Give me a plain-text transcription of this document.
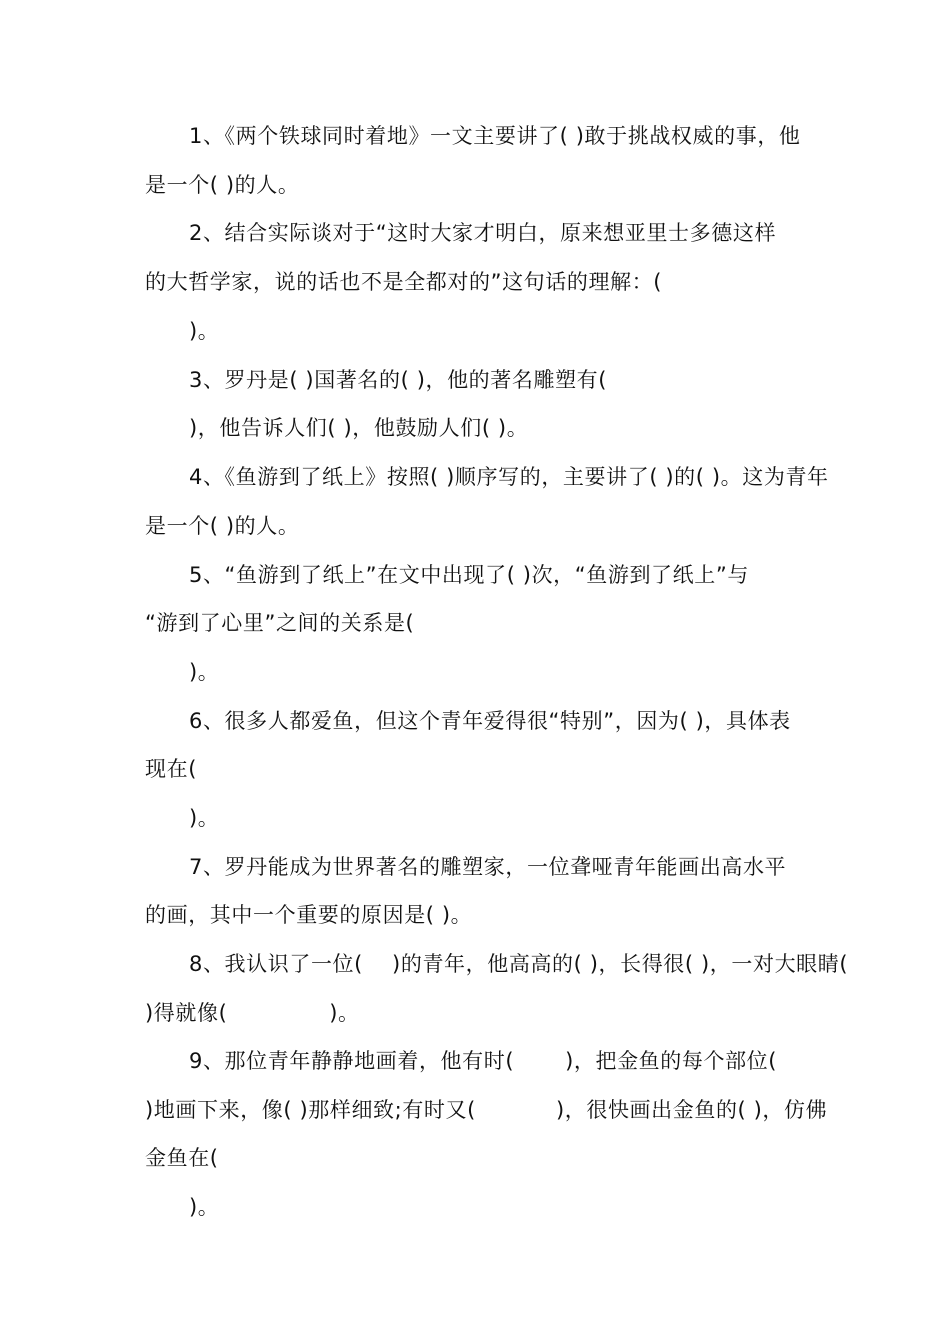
1、《两个铁球同时着地》一文主要讲了( )敢于挑战权威的事，他
是一个( )的人。
2、结合实际谈对于“这时大家才明白，原来想亚里士多德这样
的大哲学家，说的话也不是全都对的”这句话的理解：(
)。
3、罗丹是( )国著名的( )，他的著名雕塑有(
)，他告诉人们( )，他鼓励人们( )。
4、《鱼游到了纸上》按照( )顺序写的，主要讲了( )的( )。这为青年
是一个( )的人。
5、“鱼游到了纸上”在文中出现了( )次，“鱼游到了纸上”与
“游到了心里”之间的关系是(
)。
6、很多人都爱鱼，但这个青年爱得很“特别”，因为( )，具体表
现在(
)。
7、罗丹能成为世界著名的雕塑家，一位聋哑青年能画出高水平
的画，其中一个重要的原因是( )。
8、我认识了一位(    )的青年，他高高的( )，长得很( )，一对大眼睛(
)得就像(              )。
9、那位青年静静地画着，他有时(       )，把金鱼的每个部位(
)地画下来，像( )那样细致;有时又(           )，很快画出金鱼的( )，仿佛
金鱼在(
)。
